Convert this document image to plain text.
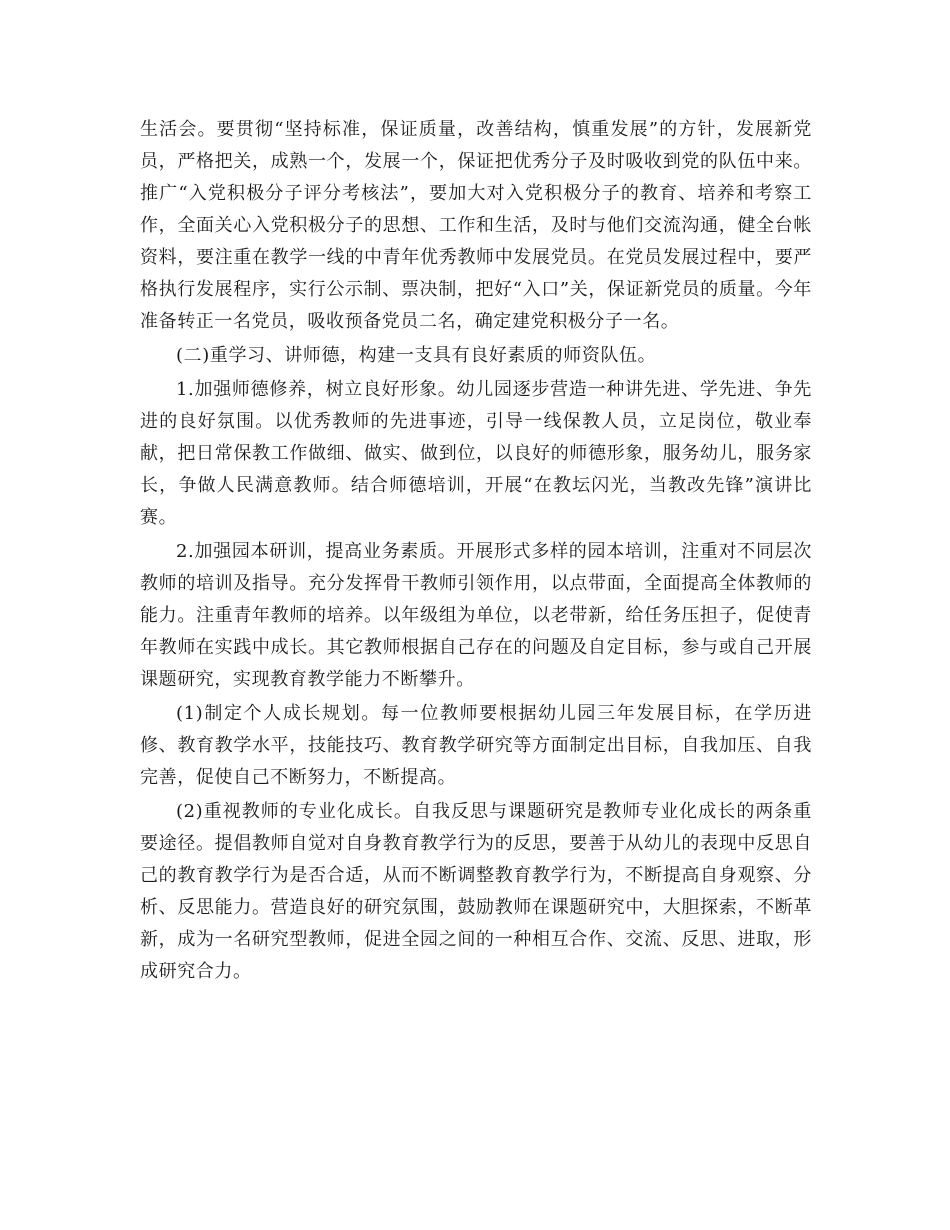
生活会。要贯彻“坚持标准，保证质量，改善结构，慎重发展”的方针，发展新党员，严格把关，成熟一个，发展一个，保证把优秀分子及时吸收到党的队伍中来。推广“入党积极分子评分考核法”，要加大对入党积极分子的教育、培养和考察工作，全面关心入党积极分子的思想、工作和生活，及时与他们交流沟通，健全台帐资料，要注重在教学一线的中青年优秀教师中发展党员。在党员发展过程中，要严格执行发展程序，实行公示制、票决制，把好“入口”关，保证新党员的质量。今年准备转正一名党员，吸收预备党员二名，确定建党积极分子一名。

(二)重学习、讲师德，构建一支具有良好素质的师资队伍。

1.加强师德修养，树立良好形象。幼儿园逐步营造一种讲先进、学先进、争先进的良好氛围。以优秀教师的先进事迹，引导一线保教人员，立足岗位，敬业奉献，把日常保教工作做细、做实、做到位，以良好的师德形象，服务幼儿，服务家长，争做人民满意教师。结合师德培训，开展“在教坛闪光，当教改先锋”演讲比赛。

2.加强园本研训，提高业务素质。开展形式多样的园本培训，注重对不同层次教师的培训及指导。充分发挥骨干教师引领作用，以点带面，全面提高全体教师的能力。注重青年教师的培养。以年级组为单位，以老带新，给任务压担子，促使青年教师在实践中成长。其它教师根据自己存在的问题及自定目标，参与或自己开展课题研究，实现教育教学能力不断攀升。

(1)制定个人成长规划。每一位教师要根据幼儿园三年发展目标，在学历进修、教育教学水平，技能技巧、教育教学研究等方面制定出目标，自我加压、自我完善，促使自己不断努力，不断提高。

(2)重视教师的专业化成长。自我反思与课题研究是教师专业化成长的两条重要途径。提倡教师自觉对自身教育教学行为的反思，要善于从幼儿的表现中反思自己的教育教学行为是否合适，从而不断调整教育教学行为，不断提高自身观察、分析、反思能力。营造良好的研究氛围，鼓励教师在课题研究中，大胆探索，不断革新，成为一名研究型教师，促进全园之间的一种相互合作、交流、反思、进取，形成研究合力。
